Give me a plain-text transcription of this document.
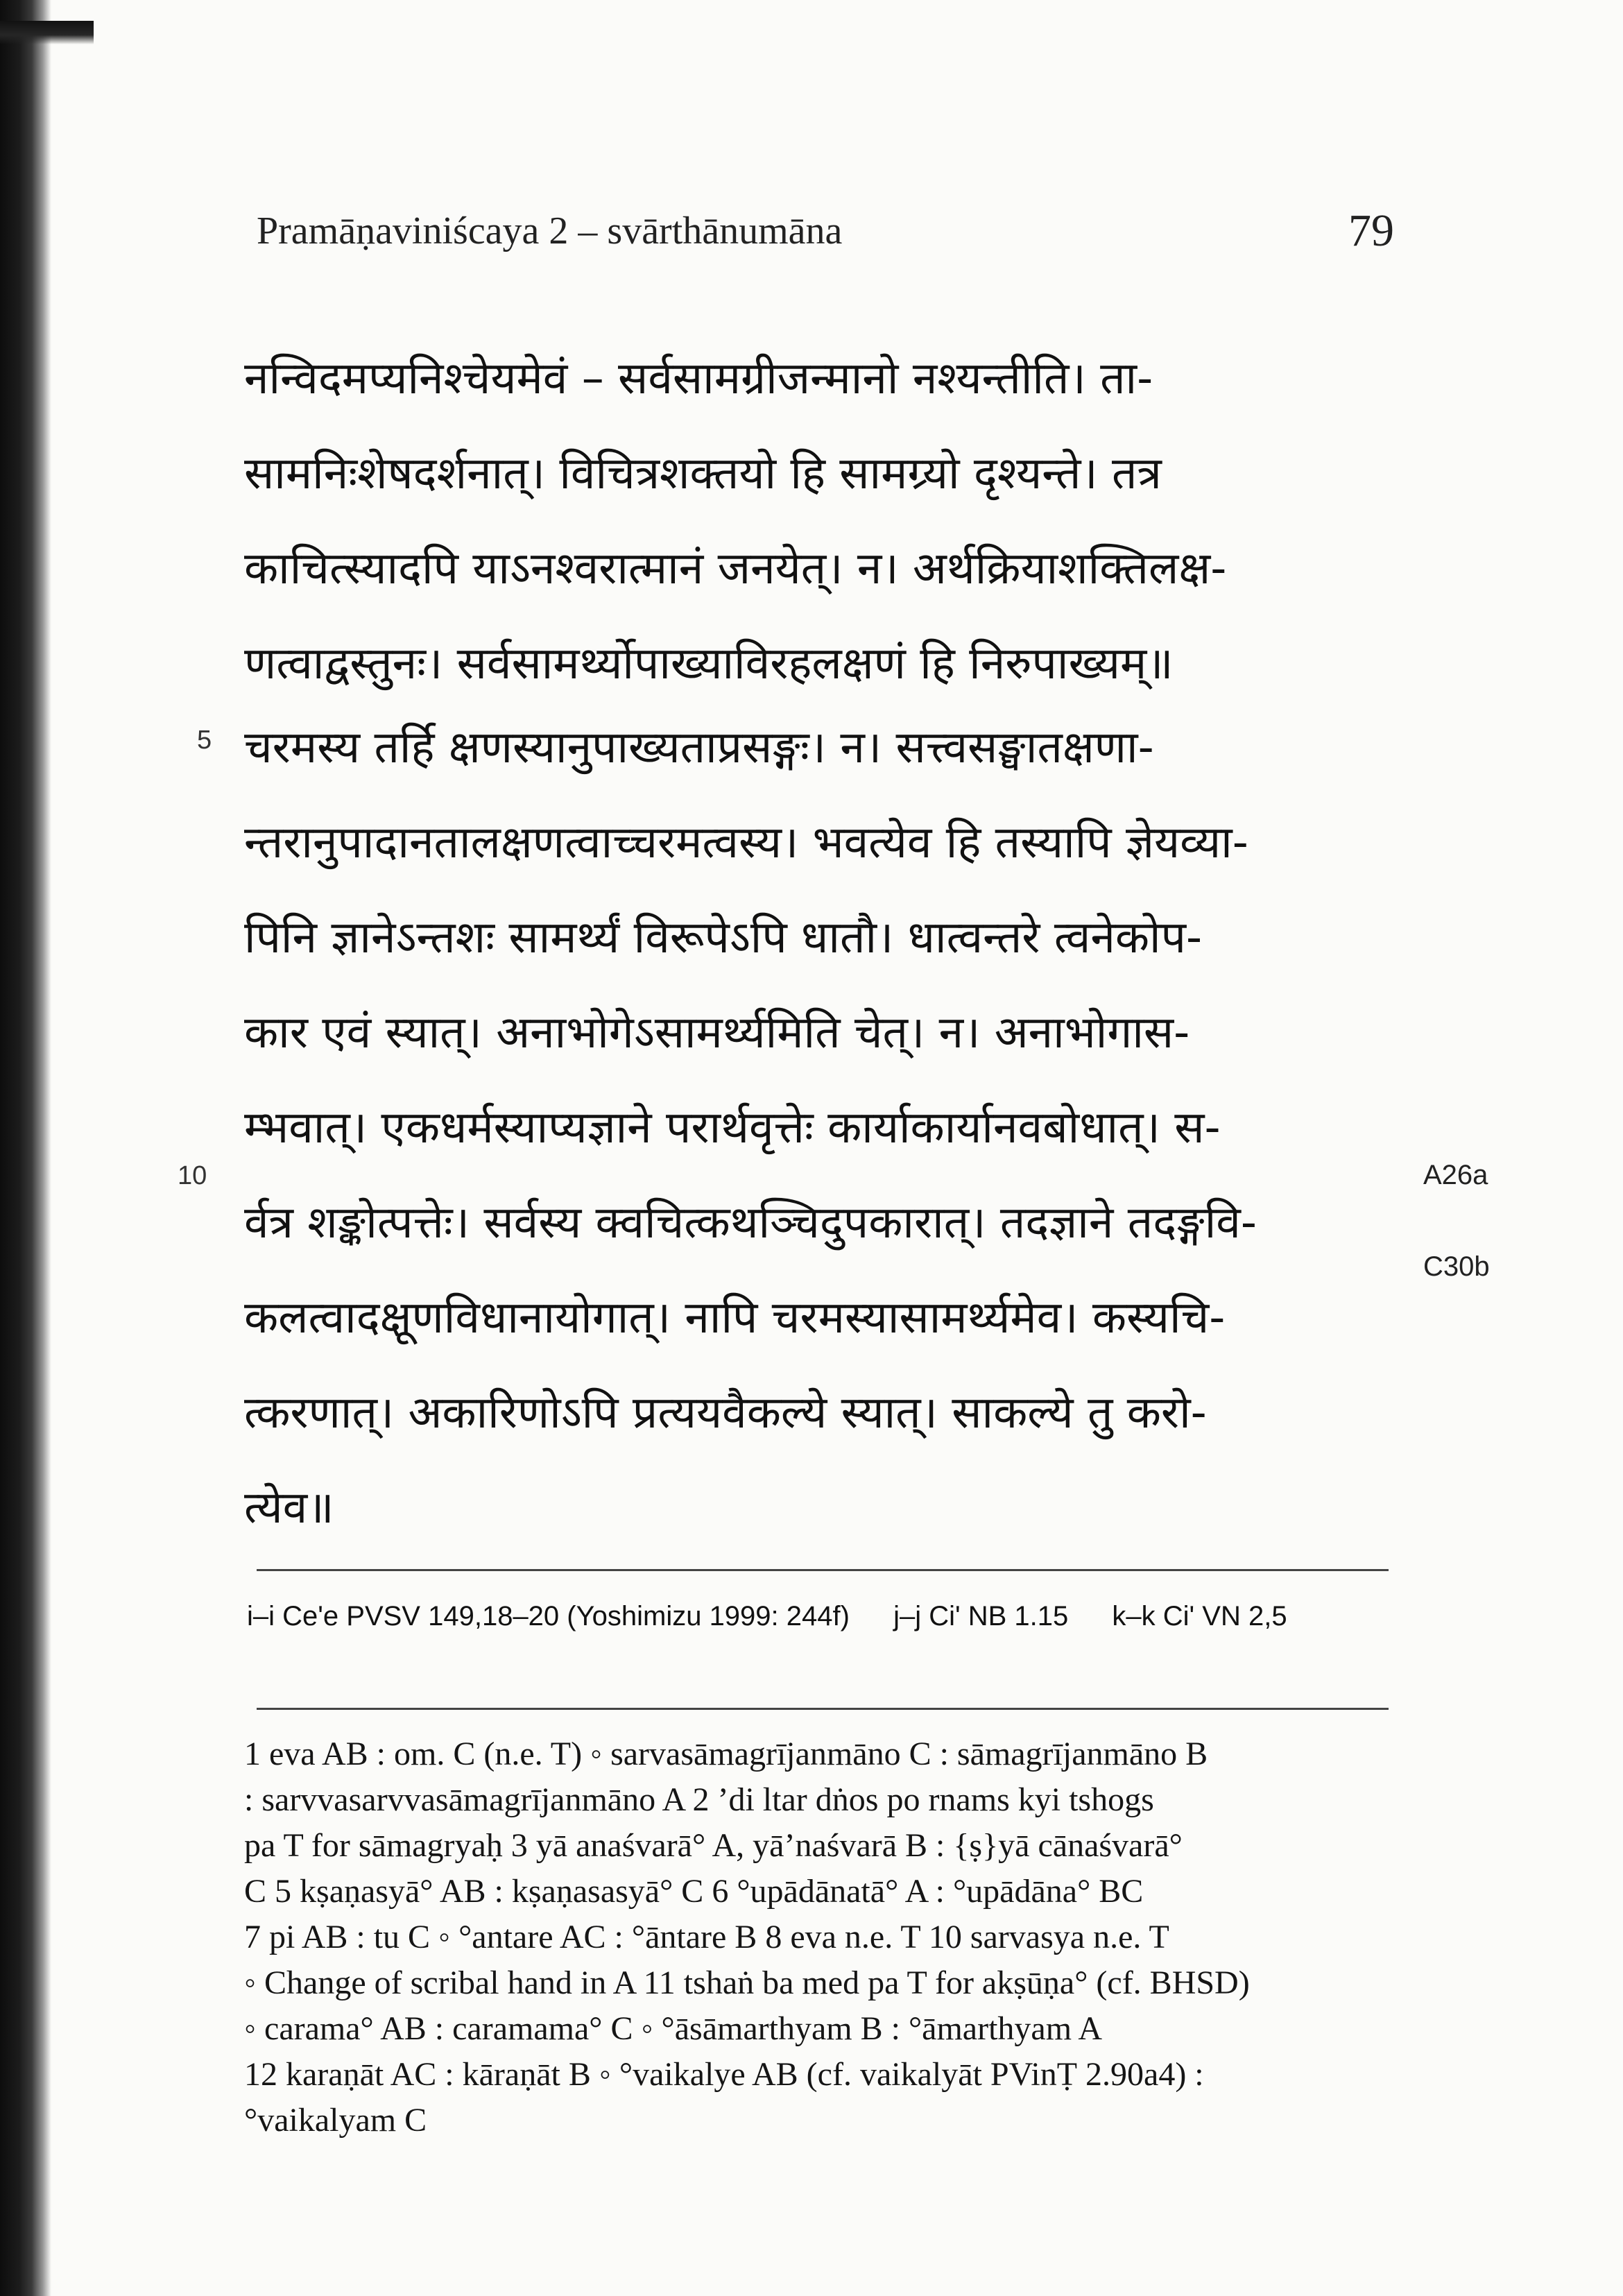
Pramāṇaviniścaya 2 – svārthānumāna	79
नन्विदमप्यनिश्चेयमेवं – सर्वसामग्रीजन्मानो नश्यन्तीति। ता-
सामनिःशेषदर्शनात्। विचित्रशक्तयो हि सामग्र्यो दृश्यन्ते। तत्र
काचित्स्यादपि याऽनश्वरात्मानं जनयेत्। न। अर्थक्रियाशक्तिलक्ष-
णत्वाद्वस्तुनः। सर्वसामर्थ्योपाख्याविरहलक्षणं हि निरुपाख्यम्॥
5 चरमस्य तर्हि क्षणस्यानुपाख्यताप्रसङ्गः। न। सत्त्वसङ्घातक्षणा-
न्तरानुपादानतालक्षणत्वाच्चरमत्वस्य। भवत्येव हि तस्यापि ज्ञेयव्या-
पिनि ज्ञानेऽन्तशः सामर्थ्यं विरूपेऽपि धातौ। धात्वन्तरे त्वनेकोप-
कार एवं स्यात्। अनाभोगेऽसामर्थ्यमिति चेत्। न। अनाभोगास-
म्भवात्। एकधर्मस्याप्यज्ञाने परार्थवृत्तेः कार्याकार्यानवबोधात्। स-
र्वत्र शङ्कोत्पत्तेः। सर्वस्य क्वचित्कथञ्चिदुपकारात्। तदज्ञाने तदङ्गवि-
कलत्वादक्षूणविधानायोगात्। नापि चरमस्यासामर्थ्यमेव। कस्यचि-
त्करणात्। अकारिणोऽपि प्रत्ययवैकल्ये स्यात्। साकल्ये तु करो-
त्येव॥
10	A26a
C30b
i–i Ce'e PVSV 149,18–20 (Yoshimizu 1999: 244f) j–j Ci' NB 1.15 k–k Ci' VN 2,5
1 eva AB : om. C (n.e. T) ◦ sarvasāmagrījanmāno C : sāmagrījanmāno B
: sarvvasarvvasāmagrījanmāno A 2 ’di ltar dṅos po rnams kyi tshogs
pa T for sāmagryaḥ 3 yā anaśvarā° A, yā’naśvarā B : {ṣ}yā cānaśvarā°
C 5 kṣaṇasyā° AB : kṣaṇasasyā° C 6 °upādānatā° A : °upādāna° BC
7 pi AB : tu C ◦ °antare AC : °āntare B 8 eva n.e. T 10 sarvasya n.e. T
◦ Change of scribal hand in A 11 tshaṅ ba med pa T for akṣūṇa° (cf. BHSD)
◦ carama° AB : caramama° C ◦ °āsāmarthyam B : °āmarthyam A
12 karaṇāt AC : kāraṇāt B ◦ °vaikalye AB (cf. vaikalyāt PVinṬ 2.90a4) :
°vaikalyam C
